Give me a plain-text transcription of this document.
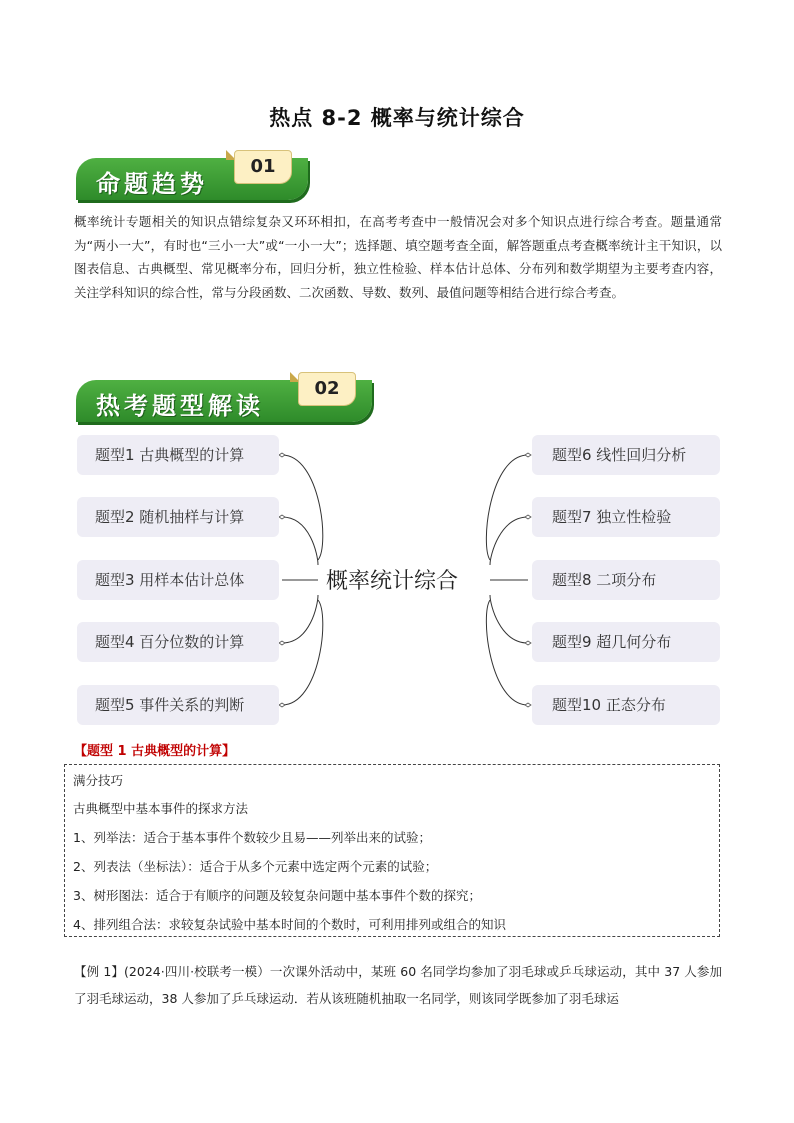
热点 8-2 概率与统计综合
命题趋势
01
概率统计专题相关的知识点错综复杂又环环相扣，在高考考查中一般情况会对多个知识点进行综合考查。题量通常为“两小一大”，有时也“三小一大”或“一小一大”；选择题、填空题考查全面，解答题重点考查概率统计主干知识，以图表信息、古典概型、常见概率分布，回归分析，独立性检验、样本估计总体、分布列和数学期望为主要考查内容，关注学科知识的综合性，常与分段函数、二次函数、导数、数列、最值问题等相结合进行综合考查。
热考题型解读
02
概率统计综合
题型1 古典概型的计算
题型2 随机抽样与计算
题型3 用样本估计总体
题型4 百分位数的计算
题型5 事件关系的判断
题型6 线性回归分析
题型7 独立性检验
题型8 二项分布
题型9 超几何分布
题型10 正态分布
【题型 1 古典概型的计算】
满分技巧
古典概型中基本事件的探求方法
1、列举法：适合于基本事件个数较少且易——列举出来的试验；
2、列表法（坐标法）：适合于从多个元素中选定两个元素的试验；
3、树形图法：适合于有顺序的问题及较复杂问题中基本事件个数的探究；
4、排列组合法：求较复杂试验中基本时间的个数时，可利用排列或组合的知识
【例 1】(2024·四川·校联考一模）一次课外活动中，某班 60 名同学均参加了羽毛球或乒乓球运动，其中 37 人参加了羽毛球运动，38 人参加了乒乓球运动．若从该班随机抽取一名同学，则该同学既参加了羽毛球运
